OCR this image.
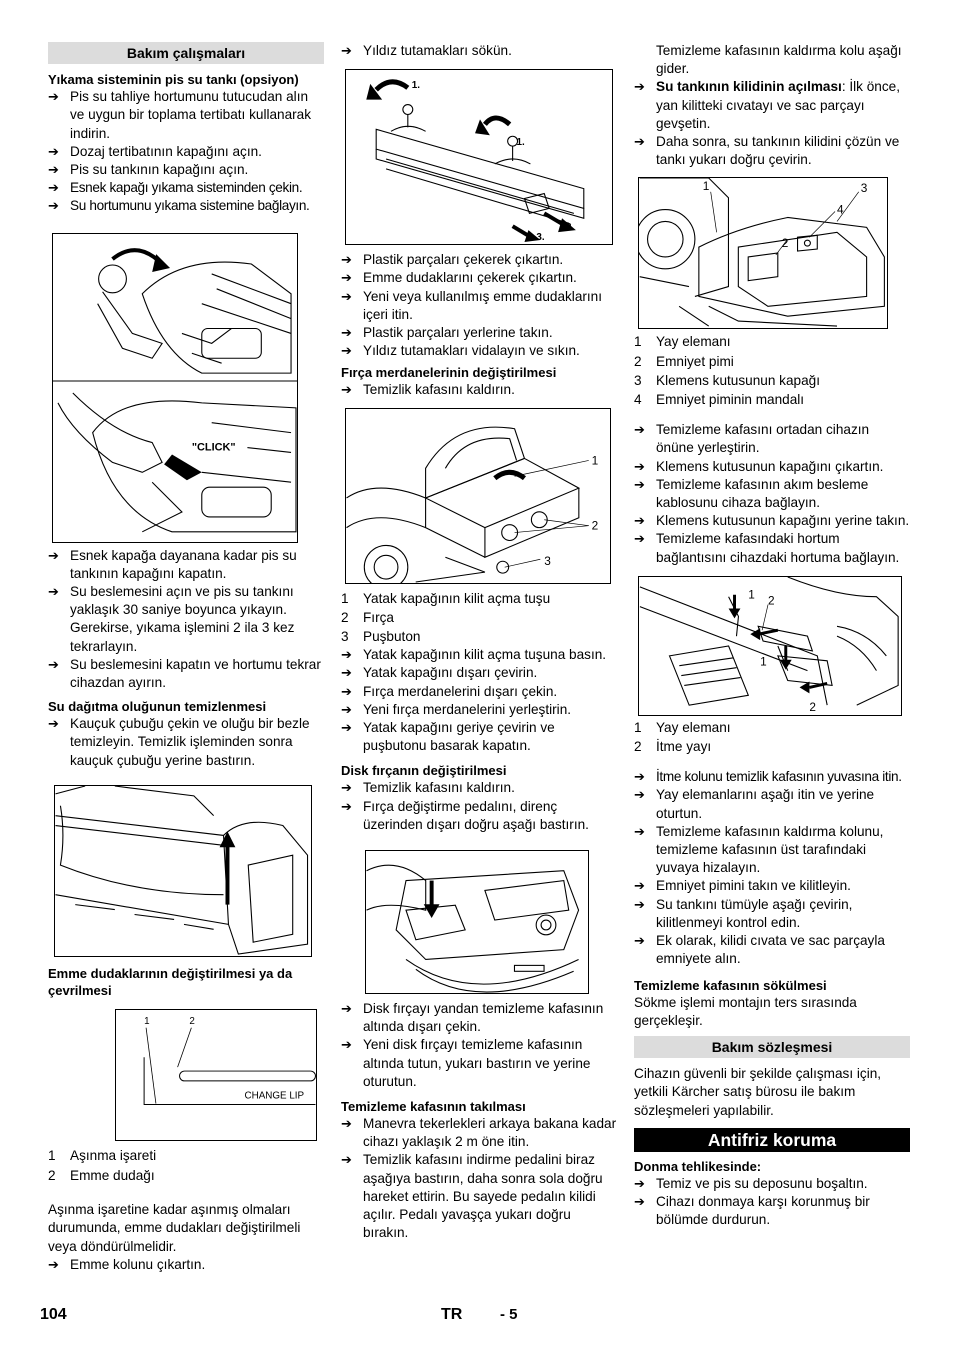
Bakım çalışmaları
Yıkama sisteminin pis su tankı (opsiyon)
➔ Pis su tahliye hortumunu tutucudan alın ve uygun bir toplama tertibatı kullanarak indirin.
➔ Dozaj tertibatının kapağını açın.
➔ Pis su tankının kapağını açın.
➔ Esnek kapağı yıkama sisteminden çekin.
➔ Su hortumunu yıkama sistemine bağlayın.
"CLICK"
➔ Esnek kapağa dayanana kadar pis su tankının kapağını kapatın.
➔ Su beslemesini açın ve pis su tankını yaklaşık 30 saniye boyunca yıkayın. Gerekirse, yıkama işlemini 2 ila 3 kez tekrarlayın.
➔ Su beslemesini kapatın ve hortumu tekrar cihazdan ayırın.
Su dağıtma oluğunun temizlenmesi
➔ Kauçuk çubuğu çekin ve oluğu bir bezle temizleyin. Temizlik işleminden sonra kauçuk çubuğu yerine bastırın.
Emme dudaklarının değiştirilmesi ya da çevrilmesi
1	2
CHANGE LIP
1 Aşınma işareti
2 Emme dudağı

Aşınma işaretine kadar aşınmış olmaları durumunda, emme dudakları değiştirilmeli veya döndürülmelidir.

➔ Emme kolunu çıkartın.
➔ Yıldız tutamakları sökün.
1.
1.
2.
3.
➔ Plastik parçaları çekerek çıkartın.
➔ Emme dudaklarını çekerek çıkartın.
➔ Yeni veya kullanılmış emme dudaklarını içeri itin.
➔ Plastik parçaları yerlerine takın.
➔ Yıldız tutamakları vidalayın ve sıkın.
Fırça merdanelerinin değiştirilmesi
➔ Temizlik kafasını kaldırın.
1
2
3
1 Yatak kapağının kilit açma tuşu
2 Fırça
3 Puşbuton
➔ Yatak kapağının kilit açma tuşuna basın.
➔ Yatak kapağını dışarı çevirin.
➔ Fırça merdanelerini dışarı çekin.
➔ Yeni fırça merdanelerini yerleştirin.
➔ Yatak kapağını geriye çevirin ve puşbutonu basarak kapatın.
Disk fırçanın değiştirilmesi
➔ Temizlik kafasını kaldırın.
➔ Fırça değiştirme pedalını, direnç üzerinden dışarı doğru aşağı bastırın.
➔ Disk fırçayı yandan temizleme kafasının altında dışarı çekin.
➔ Yeni disk fırçayı temizleme kafasının altında tutun, yukarı bastırın ve yerine oturutun.
Temizleme kafasının takılması
➔ Manevra tekerlekleri arkaya bakana kadar cihazı yaklaşık 2 m öne itin.
➔ Temizlik kafasını indirme pedalini biraz aşağıya bastırın, daha sonra sola doğru hareket ettirin. Bu sayede pedalın kilidi açılır. Pedalı yavaşça yukarı doğru bırakın.

Temizleme kafasının kaldırma kolu aşağı gider.

➔ Su tankının kilidinin açılması: İlk önce, yan kilitteki cıvatayı ve sac parçayı gevşetin.
➔ Daha sonra, su tankının kilidini çözün ve tankı yukarı doğru çevirin.
1	3
4
2
1 Yay elemanı
2 Emniyet pimi
3 Klemens kutusunun kapağı
4 Emniyet piminin mandalı
➔ Temizleme kafasını ortadan cihazın önüne yerleştirin.
➔ Klemens kutusunun kapağını çıkartın.
➔ Temizleme kafasının akım besleme kablosunu cihaza bağlayın.
➔ Klemens kutusunun kapağını yerine takın.
➔ Temizleme kafasındaki hortum bağlantısını cihazdaki hortuma bağlayın.
1 2
1
2
1 Yay elemanı
2 İtme yayı
➔ İtme kolunu temizlik kafasının yuvasına itin.
➔ Yay elemanlarını aşağı itin ve yerine oturtun.
➔ Temizleme kafasının kaldırma kolunu, temizleme kafasının üst tarafındaki yuvaya hizalayın.
➔ Emniyet pimini takın ve kilitleyin.
➔ Su tankını tümüyle aşağı çevirin, kilitlenmeyi kontrol edin.
➔ Ek olarak, kilidi cıvata ve sac parçayla emniyete alın.
Temizleme kafasının sökülmesi

Sökme işlemi montajın ters sırasında gerçekleşir.

Bakım sözleşmesi

Cihazın güvenli bir şekilde çalışması için, yetkili Kärcher satış bürosu ile bakım sözleşmeleri yapılabilir.

Antifriz koruma
Donma tehlikesinde:
➔ Temiz ve pis su deposunu boşaltın.
➔ Cihazı donmaya karşı korunmuş bir bölümde durdurun.
104	TR	- 5
